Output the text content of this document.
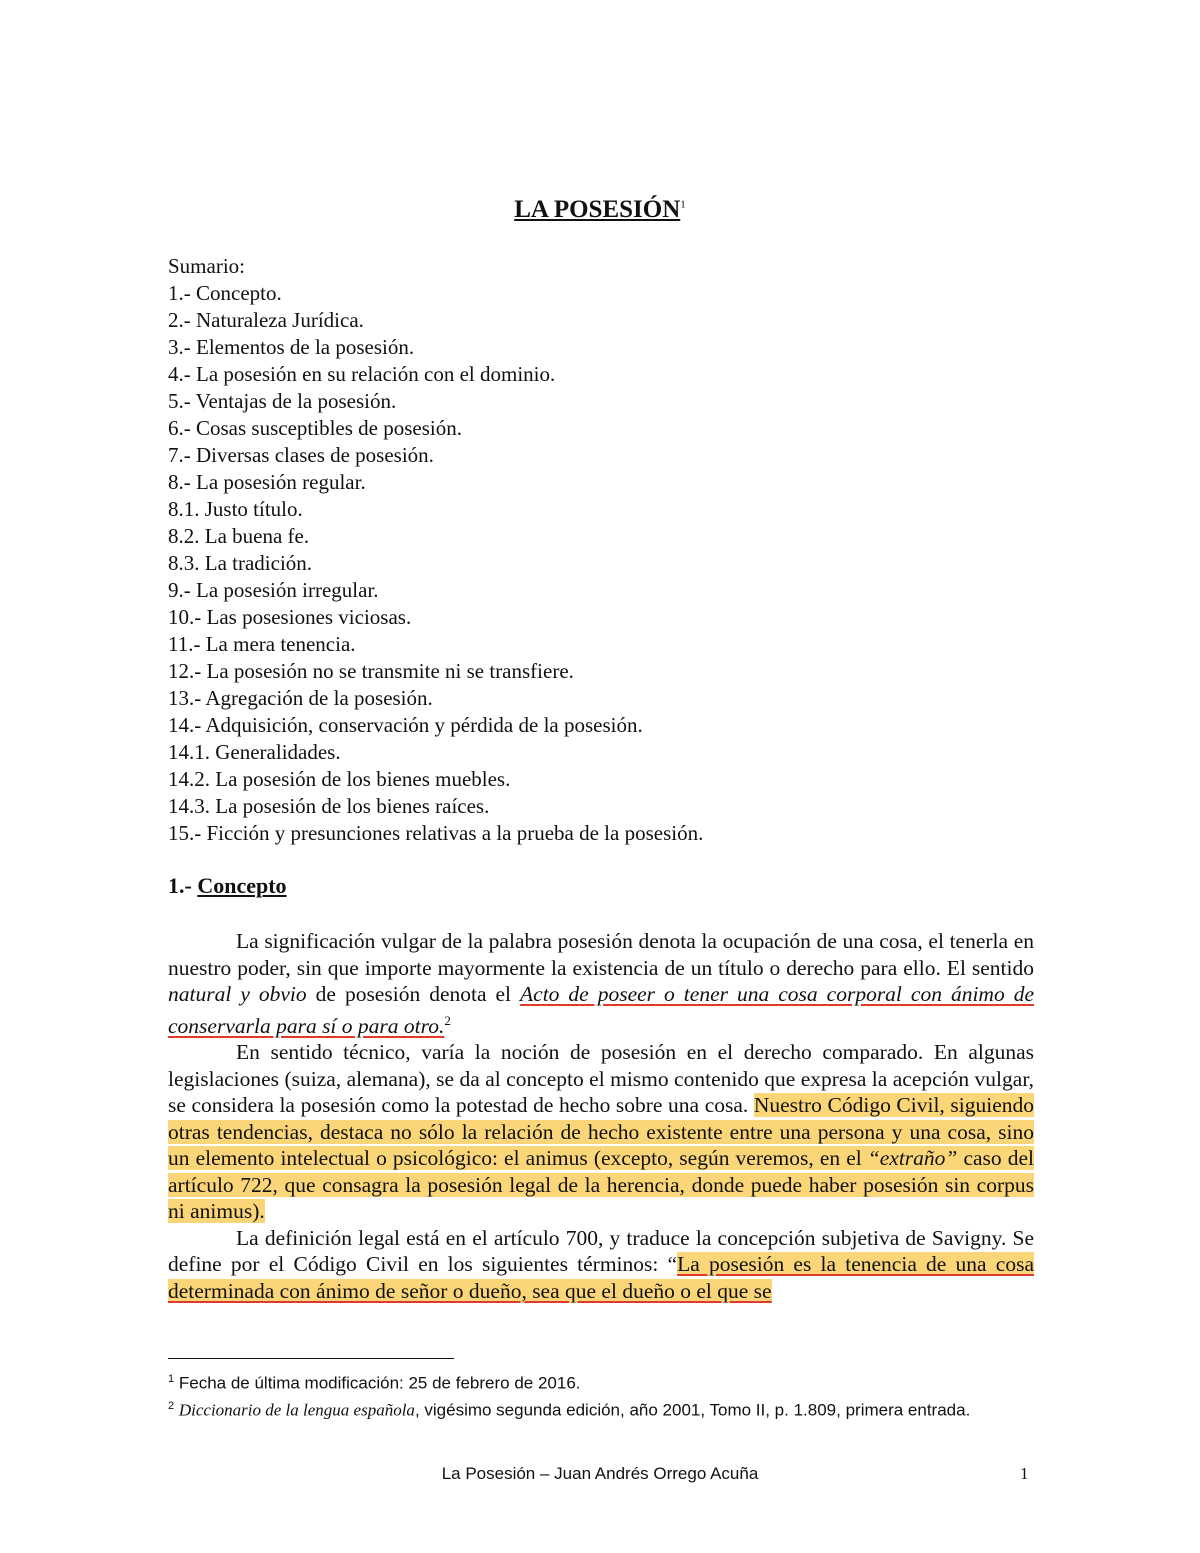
LA POSESIÓN$^1$
Sumario:
1.- Concepto.
2.- Naturaleza Jurídica.
3.- Elementos de la posesión.
4.- La posesión en su relación con el dominio.
5.- Ventajas de la posesión.
6.- Cosas susceptibles de posesión.
7.- Diversas clases de posesión.
8.- La posesión regular.
8.1. Justo título.
8.2. La buena fe.
8.3. La tradición.
9.- La posesión irregular.
10.- Las posesiones viciosas.
11.- La mera tenencia.
12.- La posesión no se transmite ni se transfiere.
13.- Agregación de la posesión.
14.- Adquisición, conservación y pérdida de la posesión.
14.1. Generalidades.
14.2. La posesión de los bienes muebles.
14.3. La posesión de los bienes raíces.
15.- Ficción y presunciones relativas a la prueba de la posesión.
1.- Concepto

La significación vulgar de la palabra posesión denota la ocupación de una cosa, el tenerla en nuestro poder, sin que importe mayormente la existencia de un título o derecho para ello. El sentido natural y obvio de posesión denota el Acto de poseer o tener una cosa corporal con ánimo de conservarla para sí o para otro.$^2$

En sentido técnico, varía la noción de posesión en el derecho comparado. En algunas legislaciones (suiza, alemana), se da al concepto el mismo contenido que expresa la acepción vulgar, se considera la posesión como la potestad de hecho sobre una cosa. Nuestro Código Civil, siguiendo otras tendencias, destaca no sólo la relación de hecho existente entre una persona y una cosa, sino un elemento intelectual o psicológico: el animus (excepto, según veremos, en el “extraño” caso del artículo 722, que consagra la posesión legal de la herencia, donde puede haber posesión sin corpus ni animus).

La definición legal está en el artículo 700, y traduce la concepción subjetiva de Savigny. Se define por el Código Civil en los siguientes términos: “La posesión es la tenencia de una cosa determinada con ánimo de señor o dueño, sea que el dueño o el que se

$^1$ Fecha de última modificación: 25 de febrero de 2016.
$^2$ Diccionario de la lengua española, vigésimo segunda edición, año 2001, Tomo II, p. 1.809, primera entrada.
La Posesión – Juan Andrés Orrego Acuña	1
